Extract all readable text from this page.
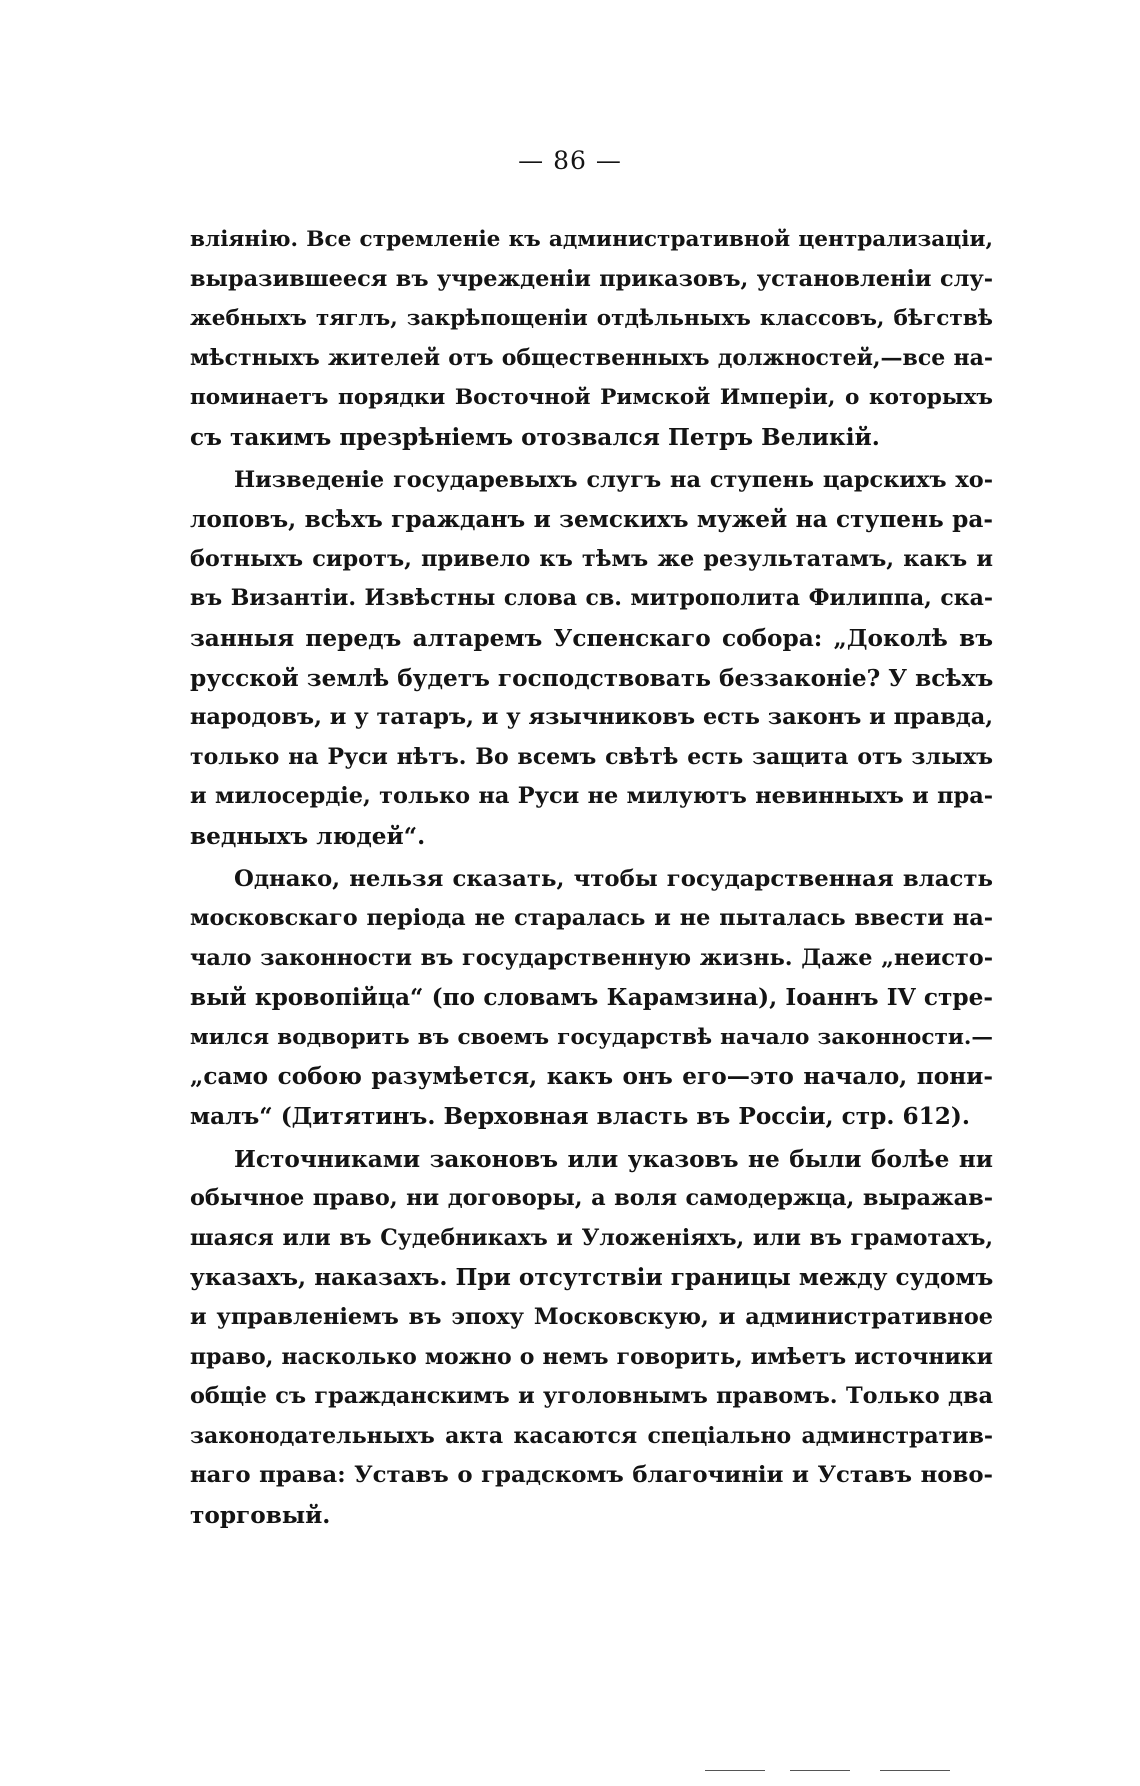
— 86 —
вліянію. Все стремленіе къ административной централизаціи,
выразившееся въ учрежденіи приказовъ, установленіи слу-
жебныхъ тяглъ, закрѣпощеніи отдѣльныхъ классовъ, бѣгствѣ
мѣстныхъ жителей отъ общественныхъ должностей,—все на-
поминаетъ порядки Восточной Римской Имперіи, о которыхъ
съ такимъ презрѣніемъ отозвался Петръ Великій.
Низведеніе государевыхъ слугъ на ступень царскихъ хо-
лоповъ, всѣхъ гражданъ и земскихъ мужей на ступень ра-
ботныхъ сиротъ, привело къ тѣмъ же результатамъ, какъ и
въ Византіи. Извѣстны слова св. митрополита Филиппа, ска-
занныя передъ алтаремъ Успенскаго собора: „Доколѣ въ
русской землѣ будетъ господствовать беззаконіе? У всѣхъ
народовъ, и у татаръ, и у язычниковъ есть законъ и правда,
только на Руси нѣтъ. Во всемъ свѣтѣ есть защита отъ злыхъ
и милосердіе, только на Руси не милуютъ невинныхъ и пра-
ведныхъ людей“.
Однако, нельзя сказать, чтобы государственная власть
московскаго періода не старалась и не пыталась ввести на-
чало законности въ государственную жизнь. Даже „неисто-
вый кровопійца“ (по словамъ Карамзина), Іоаннъ IV стре-
мился водворить въ своемъ государствѣ начало законности.—
„само собою разумѣется, какъ онъ его—это начало, пони-
малъ“ (Дитятинъ. Верховная власть въ Россіи, стр. 612).
Источниками законовъ или указовъ не были болѣе ни
обычное право, ни договоры, а воля самодержца, выражав-
шаяся или въ Судебникахъ и Уложеніяхъ, или въ грамотахъ,
указахъ, наказахъ. При отсутствіи границы между судомъ
и управленіемъ въ эпоху Московскую, и административное
право, насколько можно о немъ говорить, имѣетъ источники
общіе съ гражданскимъ и уголовнымъ правомъ. Только два
законодательныхъ акта касаются спеціально админстратив-
наго права: Уставъ о градскомъ благочиніи и Уставъ ново-
торговый.
